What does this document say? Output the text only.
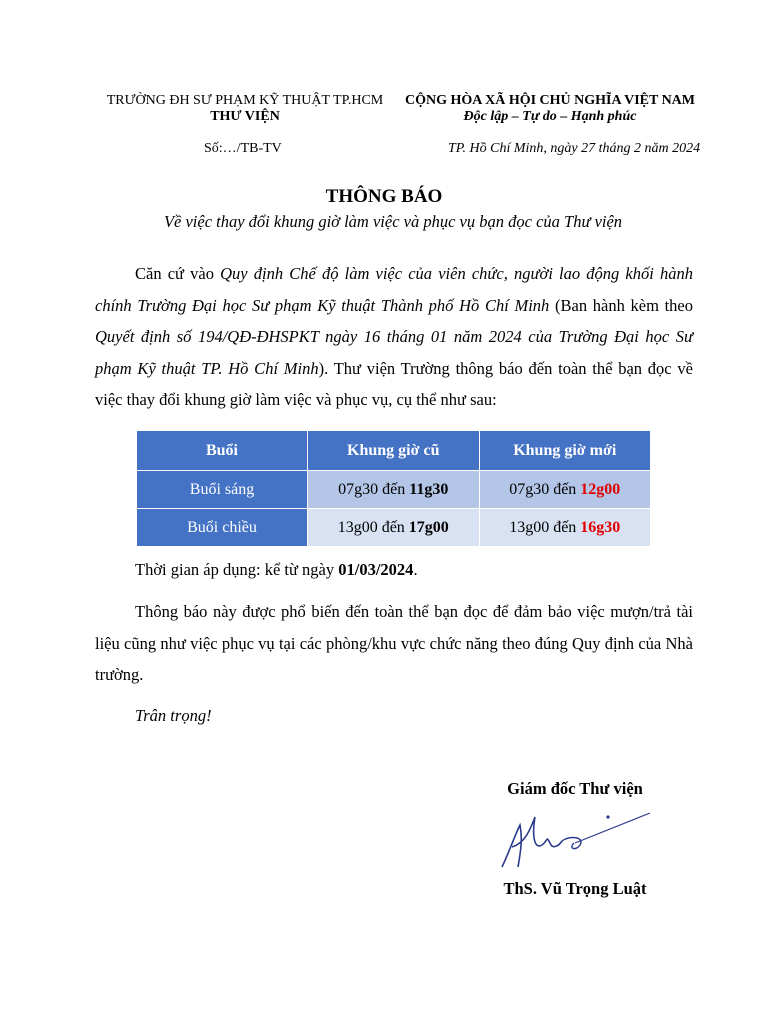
TRƯỜNG ĐH SƯ PHẠM KỸ THUẬT TP.HCM
THƯ VIỆN
CỘNG HÒA XÃ HỘI CHỦ NGHĨA VIỆT NAM
Độc lập – Tự do – Hạnh phúc
Số:…/TB-TV	TP. Hồ Chí Minh, ngày 27 tháng 2 năm 2024
THÔNG BÁO
Về việc thay đổi khung giờ làm việc và phục vụ bạn đọc của Thư viện

Căn cứ vào Quy định Chế độ làm việc của viên chức, người lao động khối hành chính Trường Đại học Sư phạm Kỹ thuật Thành phố Hồ Chí Minh (Ban hành kèm theo Quyết định số 194/QĐ-ĐHSPKT ngày 16 tháng 01 năm 2024 của Trường Đại học Sư phạm Kỹ thuật TP. Hồ Chí Minh). Thư viện Trường thông báo đến toàn thể bạn đọc về việc thay đổi khung giờ làm việc và phục vụ, cụ thể như sau:

Buổi	Khung giờ cũ	Khung giờ mới
Buổi sáng	07g30 đến 11g30	07g30 đến 12g00
Buổi chiều	13g00 đến 17g00	13g00 đến 16g30

Thời gian áp dụng: kể từ ngày 01/03/2024.

Thông báo này được phổ biến đến toàn thể bạn đọc để đảm bảo việc mượn/trả tài liệu cũng như việc phục vụ tại các phòng/khu vực chức năng theo đúng Quy định của Nhà trường.

Trân trọng!
Giám đốc Thư viện
ThS. Vũ Trọng Luật
